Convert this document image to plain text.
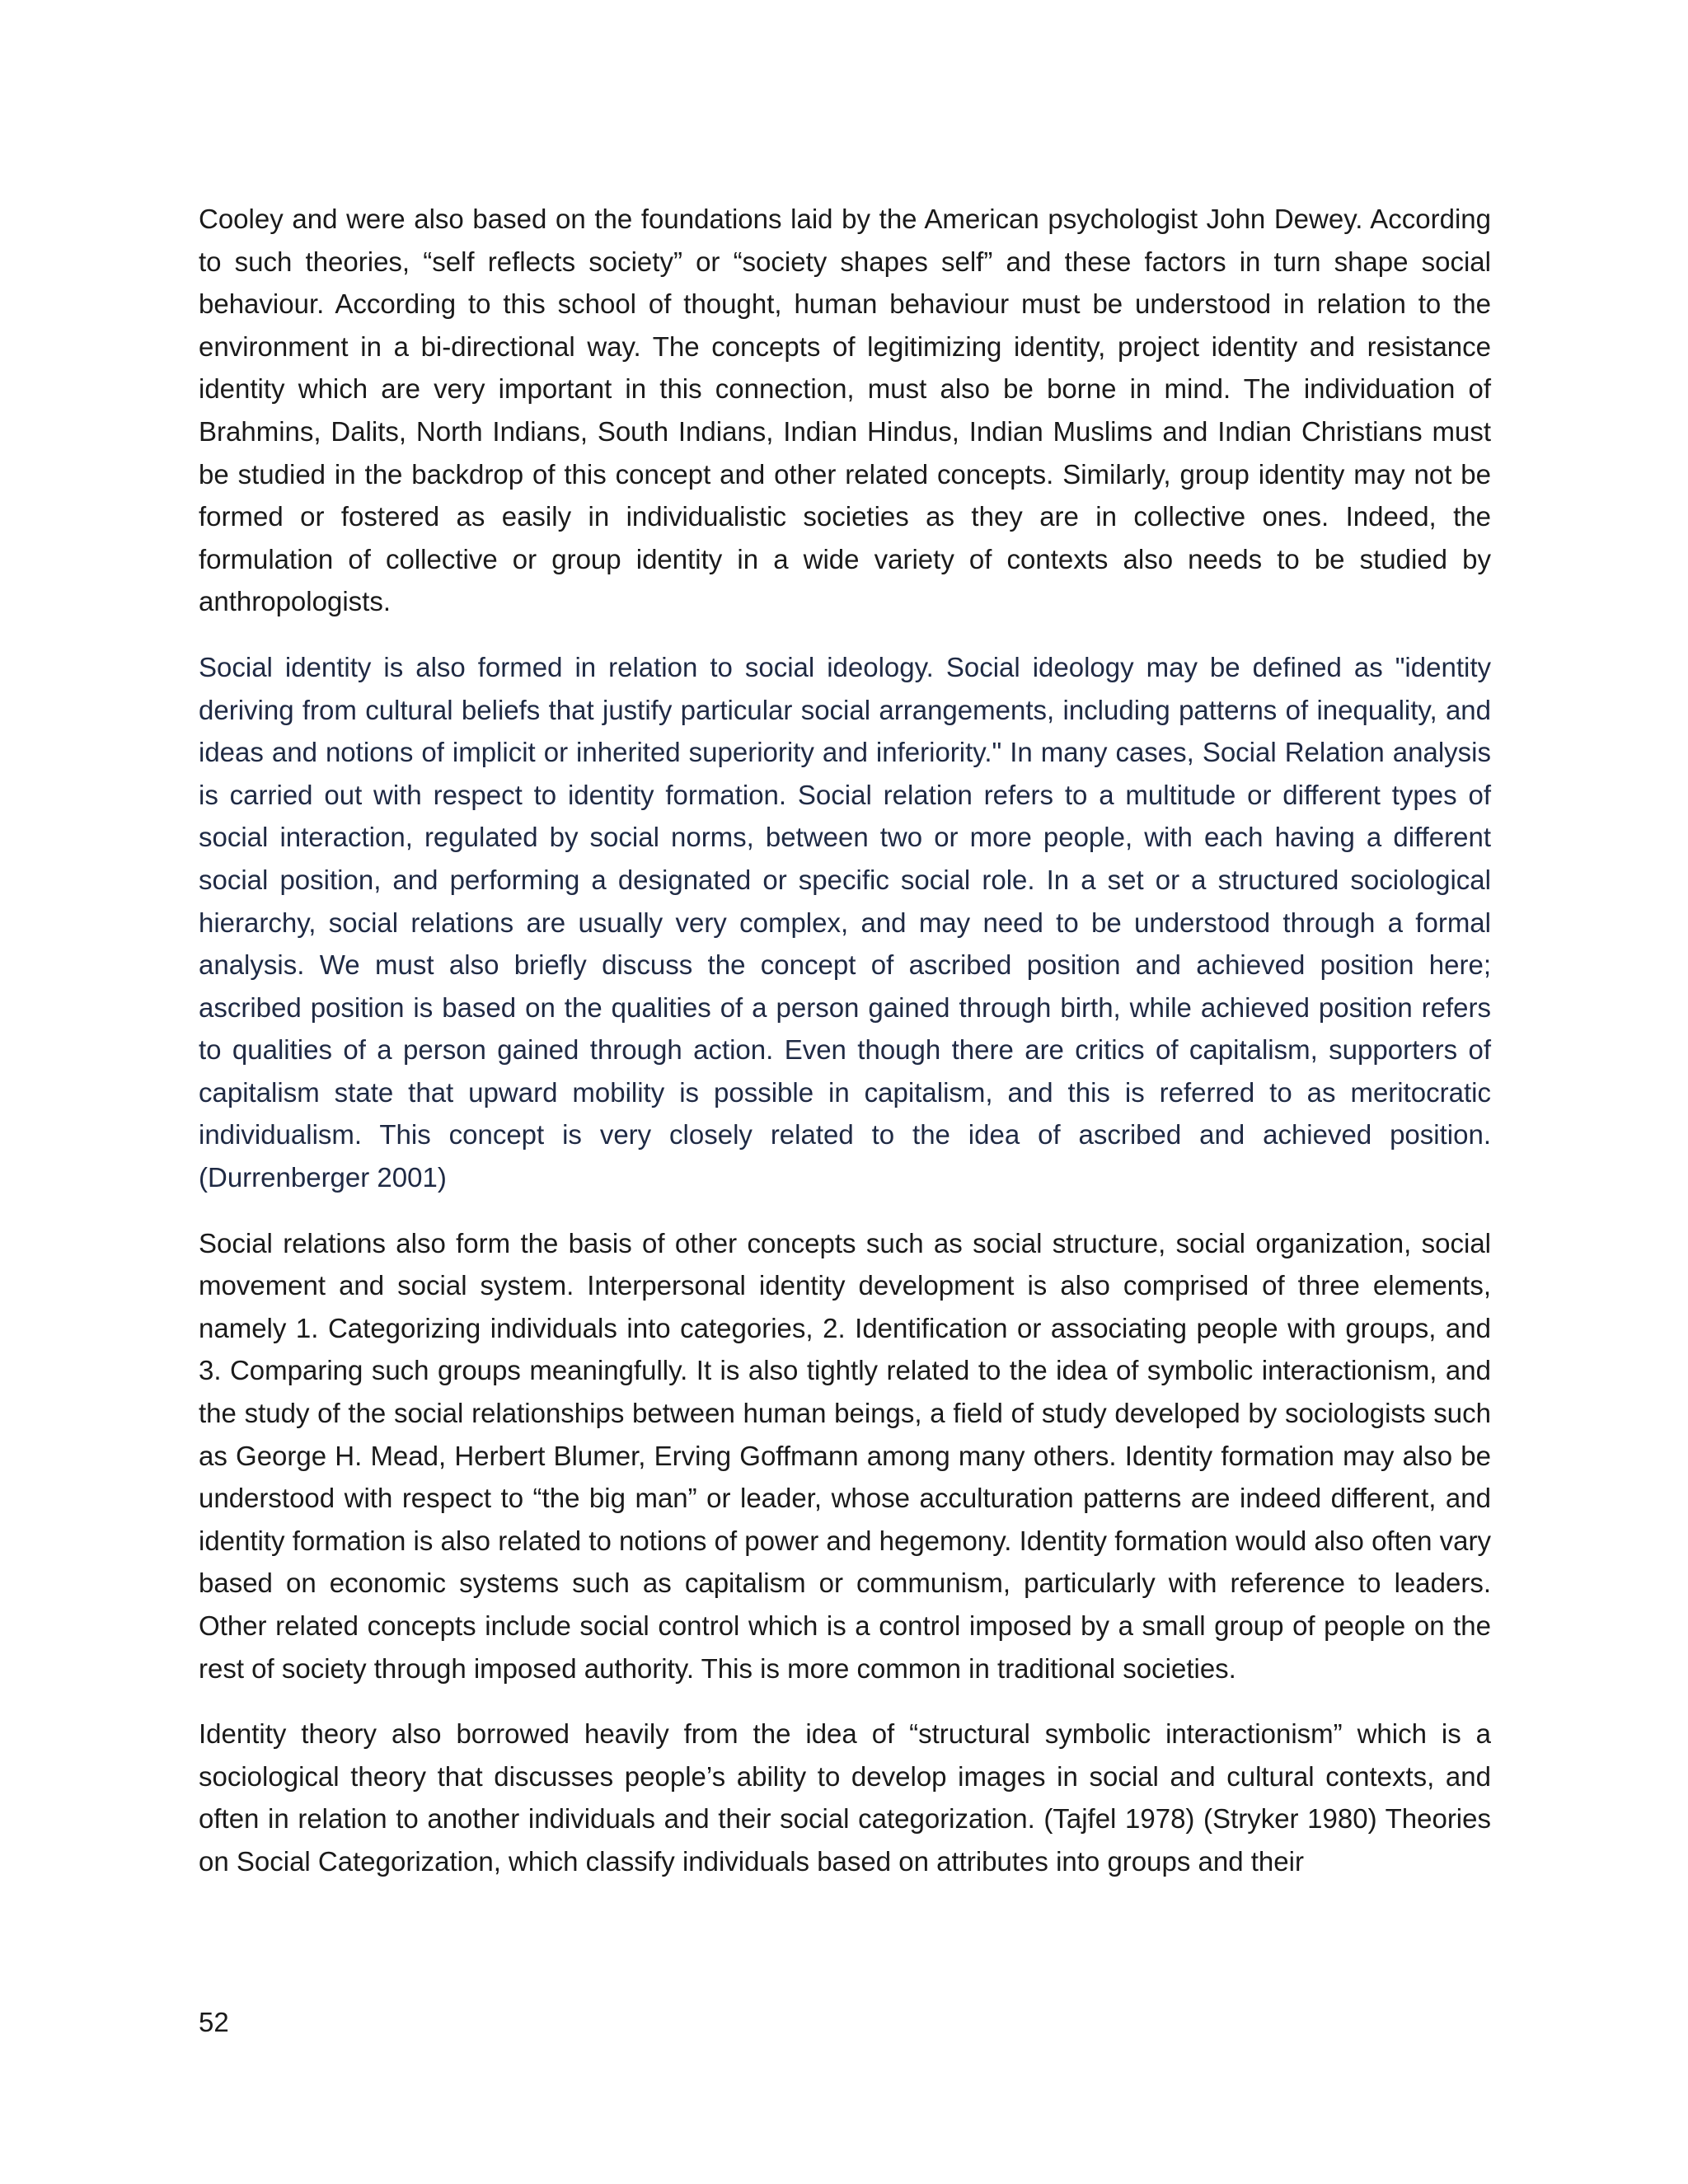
Cooley and were also based on the foundations laid by the American psychologist John Dewey. According to such theories, “self reflects society” or “society shapes self” and these factors in turn shape social behaviour. According to this school of thought, human behaviour must be understood in relation to the environment in a bi-directional way. The concepts of legitimizing identity, project identity and resistance identity which are very important in this connection, must also be borne in mind. The individuation of Brahmins, Dalits, North Indians, South Indians, Indian Hindus, Indian Muslims and Indian Christians must be studied in the backdrop of this concept and other related concepts. Similarly, group identity may not be formed or fostered as easily in individualistic societies as they are in collective ones. Indeed, the formulation of collective or group identity in a wide variety of contexts also needs to be studied by anthropologists.

Social identity is also formed in relation to social ideology. Social ideology may be defined as "identity deriving from cultural beliefs that justify particular social arrangements, including patterns of inequality, and ideas and notions of implicit or inherited superiority and inferiority." In many cases, Social Relation analysis is carried out with respect to identity formation. Social relation refers to a multitude or different types of social interaction, regulated by social norms, between two or more people, with each having a different social position, and performing a designated or specific social role. In a set or a structured sociological hierarchy, social relations are usually very complex, and may need to be understood through a formal analysis. We must also briefly discuss the concept of ascribed position and achieved position here; ascribed position is based on the qualities of a person gained through birth, while achieved position refers to qualities of a person gained through action. Even though there are critics of capitalism, supporters of capitalism state that upward mobility is possible in capitalism, and this is referred to as meritocratic individualism. This concept is very closely related to the idea of ascribed and achieved position. (Durrenberger 2001)

Social relations also form the basis of other concepts such as social structure, social organization, social movement and social system. Interpersonal identity development is also comprised of three elements, namely 1. Categorizing individuals into categories, 2. Identification or associating people with groups, and 3. Comparing such groups meaningfully. It is also tightly related to the idea of symbolic interactionism, and the study of the social relationships between human beings, a field of study developed by sociologists such as George H. Mead, Herbert Blumer, Erving Goffmann among many others. Identity formation may also be understood with respect to “the big man” or leader, whose acculturation patterns are indeed different, and identity formation is also related to notions of power and hegemony. Identity formation would also often vary based on economic systems such as capitalism or communism, particularly with reference to leaders. Other related concepts include social control which is a control imposed by a small group of people on the rest of society through imposed authority. This is more common in traditional societies.

Identity theory also borrowed heavily from the idea of “structural symbolic interactionism” which is a sociological theory that discusses people’s ability to develop images in social and cultural contexts, and often in relation to another individuals and their social categorization. (Tajfel 1978) (Stryker 1980) Theories on Social Categorization, which classify individuals based on attributes into groups and their

52
